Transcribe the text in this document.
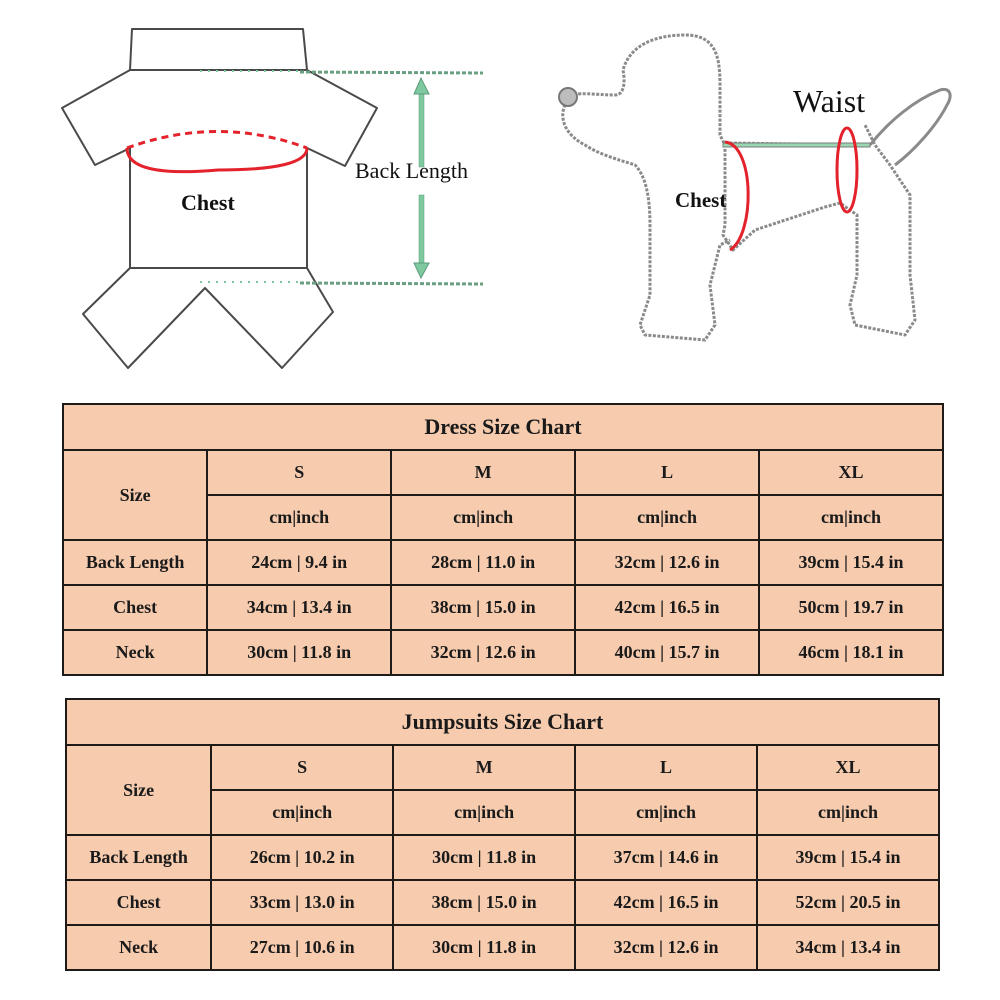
Chest
Back Length
Chest
Waist
Dress Size Chart				
Size	S	M	L	XL
	cm|inch	cm|inch	cm|inch	cm|inch
Back Length	24cm | 9.4 in	28cm | 11.0 in	32cm | 12.6 in	39cm | 15.4 in
Chest	34cm | 13.4 in	38cm | 15.0 in	42cm | 16.5 in	50cm | 19.7 in
Neck	30cm | 11.8 in	32cm | 12.6 in	40cm | 15.7 in	46cm | 18.1 in
Jumpsuits Size Chart				
Size	S	M	L	XL
	cm|inch	cm|inch	cm|inch	cm|inch
Back Length	26cm | 10.2 in	30cm | 11.8 in	37cm | 14.6 in	39cm | 15.4 in
Chest	33cm | 13.0 in	38cm | 15.0 in	42cm | 16.5 in	52cm | 20.5 in
Neck	27cm | 10.6 in	30cm | 11.8 in	32cm | 12.6 in	34cm | 13.4 in
